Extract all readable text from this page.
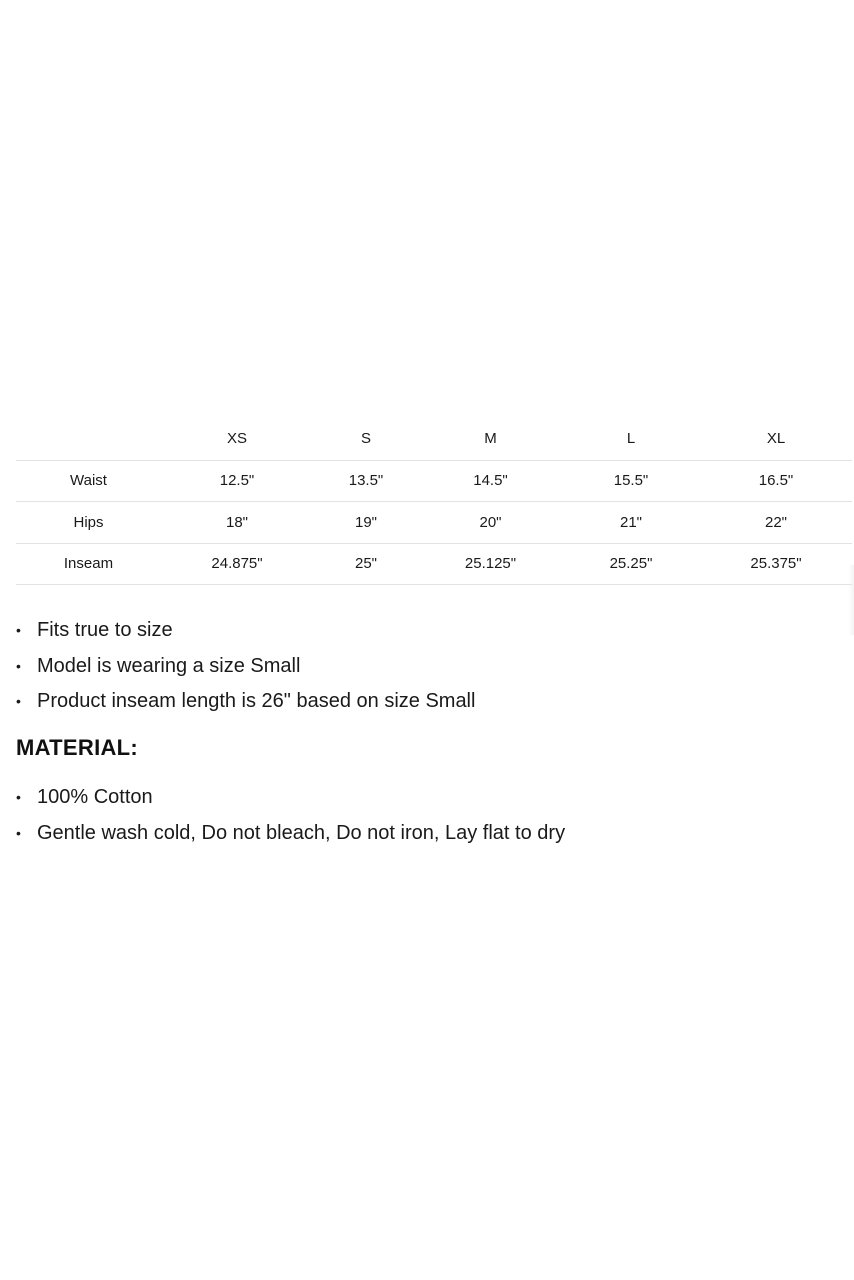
	XS	S	M	L	XL
Waist	12.5"	13.5"	14.5"	15.5"	16.5"
Hips	18"	19"	20"	21"	22"
Inseam	24.875"	25"	25.125"	25.25"	25.375"
• Fits true to size
• Model is wearing a size Small
• Product inseam length is 26" based on size Small
MATERIAL:
• 100% Cotton
• Gentle wash cold, Do not bleach, Do not iron, Lay flat to dry
